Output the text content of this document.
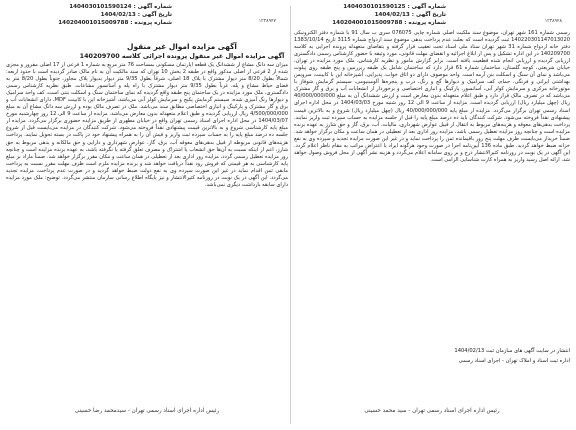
شماره آگهی : 1404030101590124
تاریخ آگهی : 1404/02/13
شماره پرونده : 140204001015009788	۱۲۳۸۹۴۷
آگهی مزایده اموال غیر منقول
آگهی مزایده اموال غیر منقول پرونده اجرائی کلاسه 140209700
میزان سه دانگ مشاع از ششدانگ یک قطعه آپارتمان مسکونی بمساحت 76 متر مربع به شماره 1 فرعی از 17 اصلی مفروز و مجزی شده از 2 فرعی از اصلی مذکور واقع در طبقه 2 بخش 10 تهران که سند مالکیت آن به نام مالک صادر گردیده است با حدود اربعه: شمالاً بطول 8/20 متر دیوار مشترک با پلاک 18 اصلی، شرقاً بطول 9/35 متر دیوار بدیوار پلاک مجاور، جنوباً بطول 8/20 متر به فضای حیاط مشاع و پله، غرباً بطول 9/35 متر دیوار مشترک با راه پله و آسانسور مشاعات. طبق نظریه کارشناس رسمی دادگستری، ملک مورد مزایده در یک ساختمان پنج طبقه واقع گردیده که نمای ساختمان سنگ و اسکلت بتنی است، کف واحد سرامیک و دیوارها رنگ آمیزی شده، سیستم گرمایش پکیج و سرمایش کولر آبی می‌باشد، آشپزخانه اپن با کابینت MDF، دارای انشعابات آب و برق و گاز مشترک و پارکینگ و انباری اختصاصی مطابق سند می‌باشد. ملک در تصرف مالک بوده و ارزش سه دانگ مشاع آن به مبلغ 4/500/000/000 ریال ارزیابی گردیده و طبق اعلام متعهدله بدون معارض می‌باشد. مزایده از ساعت 9 الی 12 روز چهارشنبه مورخ 1404/03/07 در محل اداره اجرای اسناد رسمی تهران واقع در خیابان مطهری از طریق مزایده حضوری برگزار می‌گردد. مزایده از مبلغ پایه کارشناسی شروع و به بالاترین قیمت پیشنهادی نقداً فروخته می‌شود. شرکت کنندگان در مزایده می‌بایست قبل از شروع جلسه ده درصد مبلغ پایه را به حساب سپرده ثبت واریز و فیش آن را به همراه پیشنهاد خود در پاکت در بسته تحویل نمایند. پرداخت هزینه‌های قانونی مربوطه از قبیل بدهی‌های معوقه آب، برق، گاز، عوارض شهرداری و دارایی و حق مالکانه و بدهی مربوط به حق شارژ، اعم از اینکه نسبت به آن‌ها حق انشعاب یا اشتراک و مصرف تعلق گرفته یا نگرفته باشد، به عهده برنده مزایده است و چنانچه روز مزایده تعطیل رسمی گردد، مزایده روز اداری بعد از تعطیلی در همان ساعت و مکان مقرر برگزار خواهد شد. ضمناً مازاد بر مبلغ پایه کارشناسی به هر قیمتی که فروش رود نقداً دریافت خواهد شد و برنده مزایده ملزم است ظرف مهلت مقرر نسبت به پرداخت مابقی ثمن اقدام نماید در غیر این صورت سپرده وی به نفع دولت ضبط خواهد گردید و در صورت عدم پرداخت، مزایده تجدید می‌گردد. این آگهی در یک نوبت در روزنامه کثیرالانتشار و نیز پایگاه اطلاع رسانی سازمان منتشر می‌گردد. توضیح: ملک مورد مزایده دارای سابقه بازداشت دیگری نمی‌باشد.
رئیس اداره اجرای اسناد رسمی تهران - سیدمحمد رضا حسینی
شماره آگهی : 1404030101590125
تاریخ آگهی : 1404/02/13
شماره پرونده : 140204001015009788	۱۲۳۸۹۴۸
رسمی شماره 161 شهر تهران، موضوع سند ملکیت اصلی شماره چاپی 076075 سری ب سال 91 با شماره دفتر الکترونیکی 140220301147013020 ثبت گردیده است که بعلت عدم پرداخت بدهی موضوع سند ازدواج شماره 3115 تاریخ 1383/10/14 دفتر خانه ازدواج شماره 31 شهر تهران ستاد ملی اسناد تحت تعقیب قرار گرفته و بتقاضای متعهدله پرونده اجرایی به کلاسه 140209700 در این اداره تشکیل و پس از ابلاغ اجرائیه و انقضای مهلت قانونی، مورد وثیقه با حضور کارشناس رسمی دادگستری ارزیابی گردیده و ارزیابی انجام شده قطعیت یافته است. برابر گزارش مامور و نظریه کارشناس، ملک مورد مزایده در تهران، خیابان شریعتی، کوچه گلستان، ساختمان شماره 61 قرار دارد که ساختمان شامل یک طبقه زیرزمین و پنج طبقه روی پیلوت می‌باشد و نمای آن سنگ و اسکلت بتن آرمه است. واحد موصوف دارای دو اتاق خواب، پذیرایی، آشپزخانه اپن با کابینت، سرویس بهداشتی ایرانی و فرنگی، حمام، کف سرامیک و دیوارها گچ و رنگ، درب و پنجره‌ها آلومینیومی، سیستم گرمایش شوفاژ با موتورخانه مرکزی و سرمایش کولر آبی، آسانسور، پارکینگ و انباری اختصاصی و برخوردار از انشعابات آب و برق و گاز مشترک می‌باشد که در تصرف مالک قرار دارد و طبق اعلام متعهدله بدون معارض است و ارزش ششدانگ آن به مبلغ 40/000/000/000 ریال (چهل میلیارد ریال) ارزیابی گردیده است. مزایده از ساعت 9 الی 12 روز شنبه مورخ 1404/03/03 در محل اداره اجرای اسناد رسمی تهران برگزار می‌گردد. مزایده از مبلغ پایه 40/000/000/000 ریال (چهل میلیارد ریال) شروع و به بالاترین قیمت پیشنهادی نقداً فروخته می‌شود. شرکت کنندگان باید ده درصد مبلغ پایه را قبل از جلسه مزایده به حساب سپرده ثبت واریز نمایند. پرداخت بدهی‌های معوقه و هزینه‌های مربوط به انتقال از قبیل عوارض شهرداری، مالیات، آب، برق، گاز و حق شارژ به عهده برنده مزایده است و چنانچه روز مزایده تعطیل رسمی باشد، مزایده روز اداری بعد از تعطیلی در همان ساعت و مکان برگزار خواهد شد. ضمناً خریدار می‌بایست ظرف مهلت پنج روز باقیمانده ثمن را پرداخت نماید و در غیر این صورت مزایده تجدید و سپرده وی به نفع خزانه ضبط خواهد گردید. طبق ماده 136 آیین‌نامه اجرا در صورت وجود هرگونه ایراد یا اعتراض مراتب به مقام ناظر اعلام گردد. این آگهی در یک نوبت در روزنامه کثیرالانتشار درج و بر روی سامانه اعلام می‌گردد و هزینه نشر آگهی از محل فروش وصول خواهد شد. ارائه اصل رسید واریز به همراه کارت شناسایی الزامی است.
انتشار در سایت آگهی های سازمان ثبت 1404/02/13
اداره ثبت اسناد و املاک تهران - اجرای اسناد رسمی
رئیس اداره اجرای اسناد رسمی تهران - سید محمد حسینی
